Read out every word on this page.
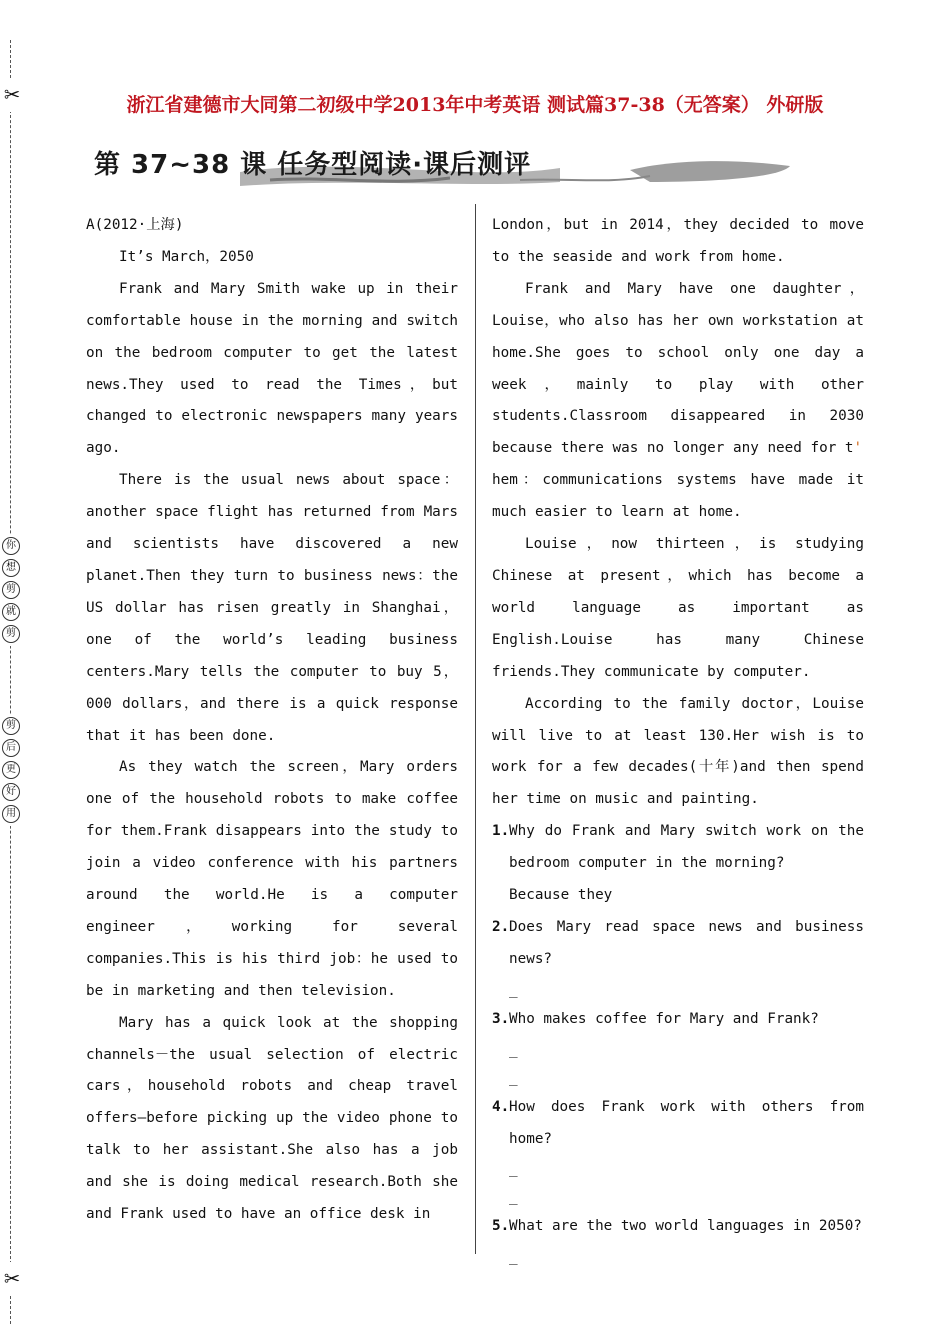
✂
✂
你
想
剪
就
剪
剪
后
更
好
用
浙江省建德市大同第二初级中学2013年中考英语 测试篇37-38（无答案） 外研版
第 37~38 课 任务型阅读·课后测评

A(2012·上海)

It’s March，2050

Frank and Mary Smith wake up in their comfortable house in the morning and switch on the bedroom computer to get the latest news.They used to read the Times，but changed to electronic newspapers many years ago.

There is the usual news about space：another space flight has returned from Mars and scientists have discovered a new planet.Then they turn to business news：the US dollar has risen greatly in Shanghai，one of the world’s leading business centers.Mary tells the computer to buy 5，000 dollars，and there is a quick response that it has been done.

As they watch the screen，Mary orders one of the household robots to make coffee for them.Frank disappears into the study to join a video conference with his partners around the world.He is a computer engineer，working for several companies.This is his third job：he used to be in marketing and then television.

Mary has a quick look at the shopping channels－the usual selection of electric cars，household robots and cheap travel offers—before picking up the video phone to talk to her assistant.She also has a job and she is doing medical research.Both she and Frank used to have an office desk in

London，but in 2014，they decided to move to the seaside and work from home.

Frank and Mary have one daughter，Louise，who also has her own workstation at home.She goes to school only one day a week，mainly to play with other students.Classroom disappeared in 2030 because there was no longer any need for t'

hem：communications systems have made it much easier to learn at home.

Louise，now thirteen，is studying Chinese at present，which has become a world language as important as English.Louise has many Chinese friends.They communicate by computer.

According to the family doctor，Louise will live to at least 130.Her wish is to work for a few decades(十年)and then spend her time on music and painting.

1. Why do Frank and Mary switch work on the bedroom computer in the morning?
Because they
2. Does Mary read space news and business news?
_
3. Who makes coffee for Mary and Frank?
_
_
4. How does Frank work with others from home?
_
_
5. What are the two world languages in 2050?
_
